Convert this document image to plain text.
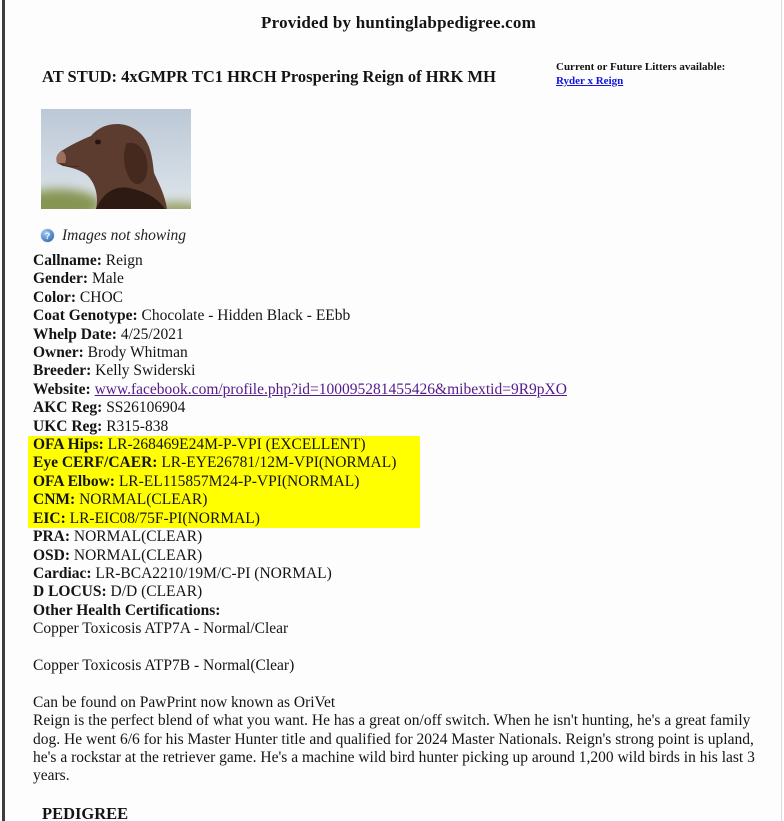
Provided by huntinglabpedigree.com
AT STUD: 4xGMPR TC1 HRCH Prospering Reign of HRK MH	Current or Future Litters available:
Ryder x Reign
? Images not showing
Callname: Reign
Gender: Male
Color: CHOC
Coat Genotype: Chocolate - Hidden Black - EEbb
Whelp Date: 4/25/2021
Owner: Brody Whitman
Breeder: Kelly Swiderski
Website: www.facebook.com/profile.php?id=100095281455426&mibextid=9R9pXO
AKC Reg: SS26106904
UKC Reg: R315-838
OFA Hips: LR-268469E24M-P-VPI (EXCELLENT)
Eye CERF/CAER: LR-EYE26781/12M-VPI(NORMAL)
OFA Elbow: LR-EL115857M24-P-VPI(NORMAL)
CNM: NORMAL(CLEAR)
EIC: LR-EIC08/75F-PI(NORMAL)
PRA: NORMAL(CLEAR)
OSD: NORMAL(CLEAR)
Cardiac: LR-BCA2210/19M/C-PI (NORMAL)
D LOCUS: D/D (CLEAR)
Other Health Certifications:
Copper Toxicosis ATP7A - Normal/Clear
Copper Toxicosis ATP7B - Normal(Clear)
Can be found on PawPrint now known as OriVet
Reign is the perfect blend of what you want. He has a great on/off switch. When he isn't hunting, he's a great family dog. He went 6/6 for his Master Hunter title and qualified for 2024 Master Nationals. Reign's strong point is upland, he's a rockstar at the retriever game. He's a machine wild bird hunter picking up around 1,200 wild birds in his last 3 years.
PEDIGREE
